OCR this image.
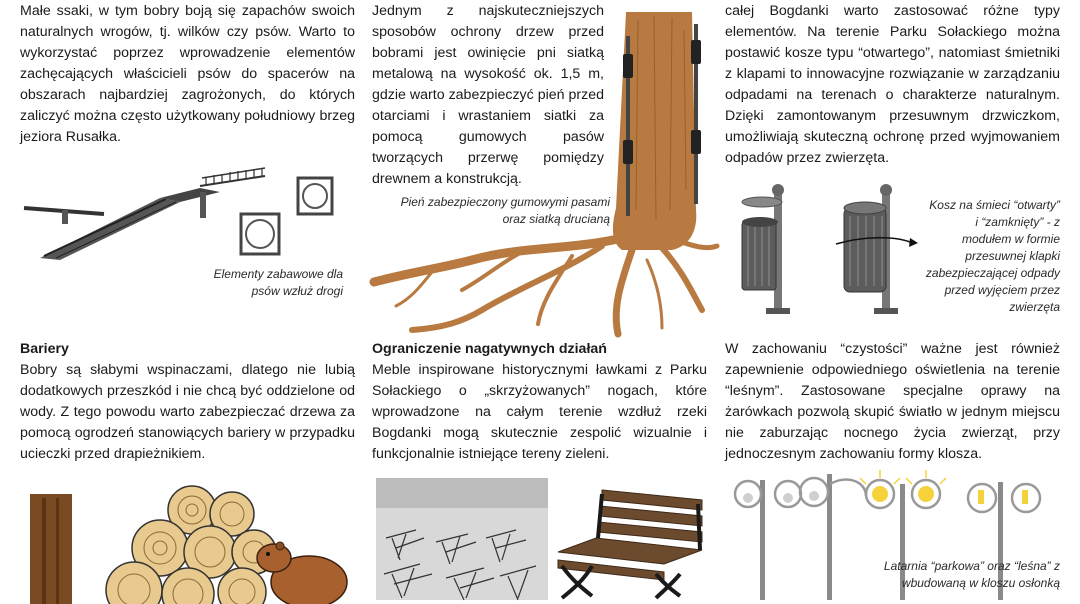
Małe ssaki, w tym bobry boją się zapachów swoich naturalnych wrogów, tj. wilków czy psów. Warto to wykorzystać poprzez wprowadzenie elementów zachęcających właścicieli psów do spacerów na obszarach najbardziej zagrożonych, do których zaliczyć można często użytkowany południowy brzeg jeziora Rusałka.
Elementy zabawowe dla psów wzłuż drogi
Bariery
Bobry są słabymi wspinaczami, dlatego nie lubią dodatkowych przeszkód i nie chcą być oddzielone od wody. Z tego powodu warto zabezpieczać drzewa za pomocą ogrodzeń stanowiących bariery w przypadku ucieczki przed drapieżnikiem.
Jednym z najskuteczniejszych sposobów ochrony drzew przed bobrami jest owinięcie pni siatką metalową na wysokość ok. 1,5 m, gdzie warto zabezpieczyć pień przed otarciami i wrastaniem siatki za pomocą gumowych pasów tworzących przerwę pomiędzy drewnem a konstrukcją.
Pień zabezpieczony gumowymi pasami oraz siatką drucianą
Ograniczenie nagatywnych działań
Meble inspirowane historycznymi ławkami z Parku Sołackiego o „skrzyżowanych” nogach, które wprowadzone na całym terenie wzdłuż rzeki Bogdanki mogą skutecznie zespolić wizualnie i funkcjonalnie istniejące tereny zieleni.
całej Bogdanki warto zastosować różne typy elementów. Na terenie Parku Sołackiego można postawić kosze typu “otwartego”, natomiast śmietniki z klapami to innowacyjne rozwiązanie w zarządzaniu odpadami na terenach o charakterze naturalnym. Dzięki zamontowanym przesuwnym drzwiczkom, umożliwiają skuteczną ochronę przed wyjmowaniem odpadów przez zwierzęta.
Kosz na śmieci “otwarty” i “zamknięty” - z modułem w formie przesuwnej klapki zabezpieczającej odpady przed wyjęciem przez zwierzęta
W zachowaniu “czystości” ważne jest również zapewnienie odpowiedniego oświetlenia na terenie “leśnym”. Zastosowane specjalne oprawy na żarówkach pozwolą skupić światło w jednym miejscu nie zaburzając nocnego życia zwierząt, przy jednoczesnym zachowaniu formy klosza.
Latarnia “parkowa” oraz “leśna” z wbudowaną w kloszu osłonką
